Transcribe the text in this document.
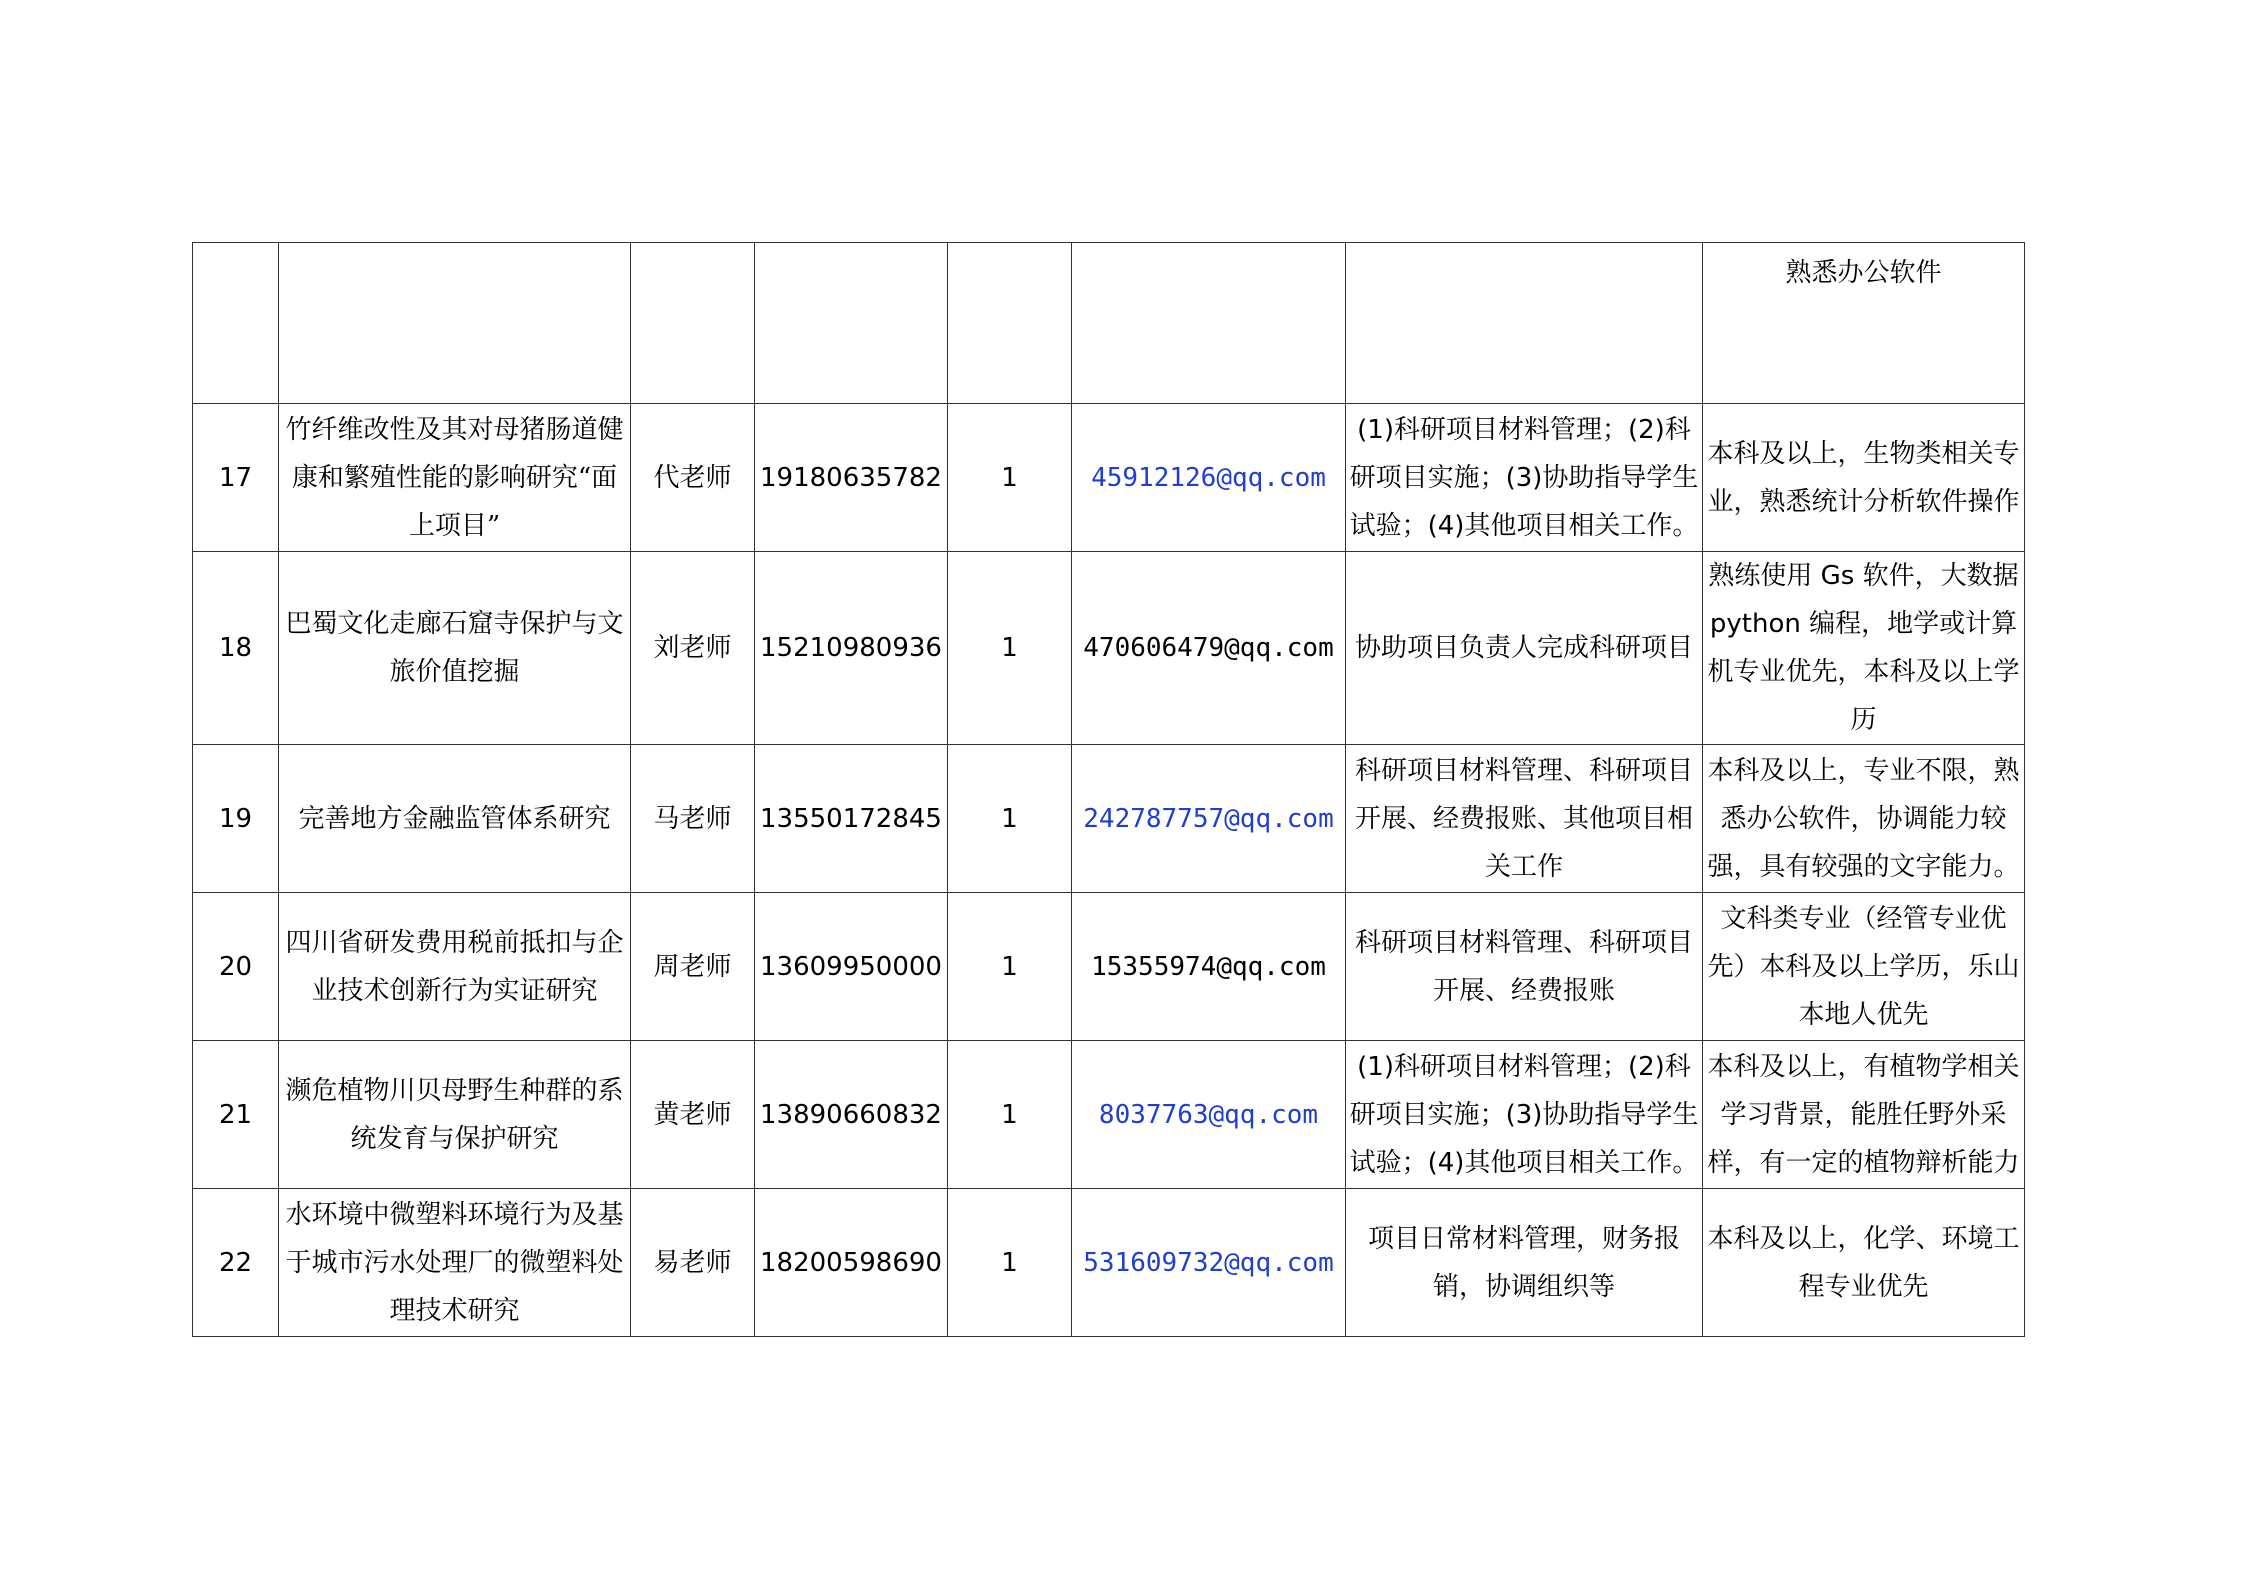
							熟悉办公软件
17	竹纤维改性及其对母猪肠道健康和繁殖性能的影响研究“面上项目”	代老师	19180635782	1	45912126@qq.com	(1)科研项目材料管理；(2)科研项目实施；(3)协助指导学生试验；(4)其他项目相关工作。	本科及以上，生物类相关专业，熟悉统计分析软件操作
18	巴蜀文化走廊石窟寺保护与文旅价值挖掘	刘老师	15210980936	1	470606479@qq.com	协助项目负责人完成科研项目	熟练使用 Gs 软件，大数据 python 编程，地学或计算机专业优先，本科及以上学历
19	完善地方金融监管体系研究	马老师	13550172845	1	242787757@qq.com	科研项目材料管理、科研项目开展、经费报账、其他项目相关工作	本科及以上，专业不限，熟悉办公软件，协调能力较强，具有较强的文字能力。
20	四川省研发费用税前抵扣与企业技术创新行为实证研究	周老师	13609950000	1	15355974@qq.com	科研项目材料管理、科研项目开展、经费报账	文科类专业（经管专业优先）本科及以上学历，乐山本地人优先
21	濒危植物川贝母野生种群的系统发育与保护研究	黄老师	13890660832	1	8037763@qq.com	(1)科研项目材料管理；(2)科研项目实施；(3)协助指导学生试验；(4)其他项目相关工作。	本科及以上，有植物学相关学习背景，能胜任野外采样，有一定的植物辩析能力
22	水环境中微塑料环境行为及基于城市污水处理厂的微塑料处理技术研究	易老师	18200598690	1	531609732@qq.com	项目日常材料管理，财务报销，协调组织等	本科及以上，化学、环境工程专业优先
